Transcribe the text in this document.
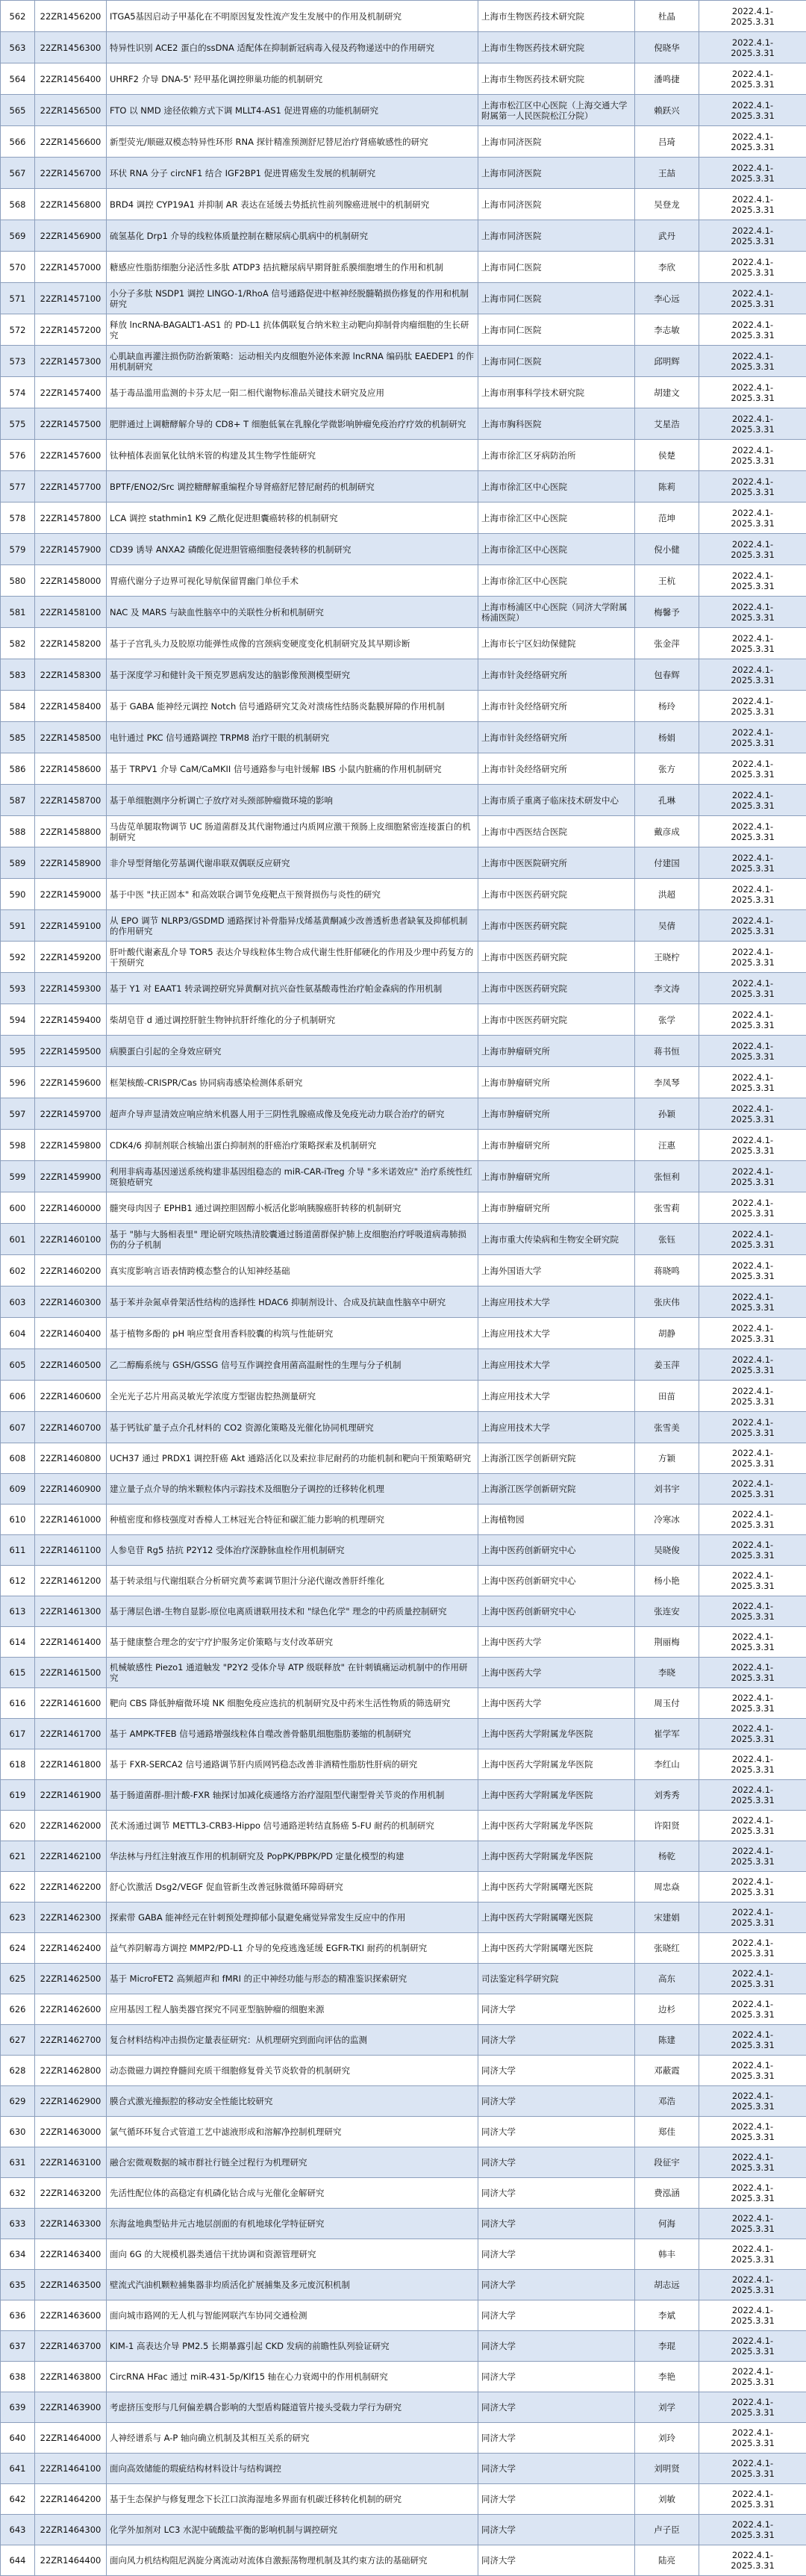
562	22ZR1456200	ITGA5基因启动子甲基化在不明原因复发性流产发生发展中的作用及机制研究	上海市生物医药技术研究院	杜晶	2022.4.1-
2025.3.31
563	22ZR1456300	特异性识别 ACE2 蛋白的ssDNA 适配体在抑制新冠病毒入侵及药物递送中的作用研究	上海市生物医药技术研究院	倪晓华	2022.4.1-
2025.3.31
564	22ZR1456400	UHRF2 介导 DNA-5' 羟甲基化调控卵巢功能的机制研究	上海市生物医药技术研究院	潘鸣捷	2022.4.1-
2025.3.31
565	22ZR1456500	FTO 以 NMD 途径依赖方式下调 MLLT4-AS1 促进胃癌的功能机制研究	上海市松江区中心医院（上海交通大学附属第一人民医院松江分院）	赖跃兴	2022.4.1-
2025.3.31
566	22ZR1456600	新型荧光/顺磁双模态特异性环形 RNA 探针精准预测舒尼替尼治疗肾癌敏感性的研究	上海市同济医院	吕琦	2022.4.1-
2025.3.31
567	22ZR1456700	环状 RNA 分子 circNF1 结合 IGF2BP1 促进胃癌发生发展的机制研究	上海市同济医院	王喆	2022.4.1-
2025.3.31
568	22ZR1456800	BRD4 调控 CYP19A1 并抑制 AR 表达在延缓去势抵抗性前列腺癌进展中的机制研究	上海市同济医院	吴登龙	2022.4.1-
2025.3.31
569	22ZR1456900	硫氢基化 Drp1 介导的线粒体质量控制在糖尿病心肌病中的机制研究	上海市同济医院	武丹	2022.4.1-
2025.3.31
570	22ZR1457000	糖感应性脂肪细胞分泌活性多肽 ATDP3 拮抗糖尿病早期肾脏系膜细胞增生的作用和机制	上海市同仁医院	李欣	2022.4.1-
2025.3.31
571	22ZR1457100	小分子多肽 NSDP1 调控 LINGO-1/RhoA 信号通路促进中枢神经脱髓鞘损伤修复的作用和机制研究	上海市同仁医院	李心远	2022.4.1-
2025.3.31
572	22ZR1457200	释放 lncRNA-BAGALT1-AS1 的 PD-L1 抗体偶联复合纳米粒主动靶向抑制骨肉瘤细胞的生长研究	上海市同仁医院	李志敏	2022.4.1-
2025.3.31
573	22ZR1457300	心肌缺血再灌注损伤防治新策略：运动相关内皮细胞外泌体来源 lncRNA 编码肽 EAEDEP1 的作用机制研究	上海市同仁医院	邱明辉	2022.4.1-
2025.3.31
574	22ZR1457400	基于毒品滥用监测的卡芬太尼一阳二相代谢物标准品关键技术研究及应用	上海市刑事科学技术研究院	胡建文	2022.4.1-
2025.3.31
575	22ZR1457500	肥胖通过上调糖酵解介导的 CD8+ T 细胞低氧在乳腺化学微影响肿瘤免疫治疗疗效的机制研究	上海市胸科医院	艾星浩	2022.4.1-
2025.3.31
576	22ZR1457600	钛种植体表面氧化钛纳米管的构建及其生物学性能研究	上海市徐汇区牙病防治所	侯楚	2022.4.1-
2025.3.31
577	22ZR1457700	BPTF/ENO2/Src 调控糖酵解重编程介导肾癌舒尼替尼耐药的机制研究	上海市徐汇区中心医院	陈莉	2022.4.1-
2025.3.31
578	22ZR1457800	LCA 调控 stathmin1 K9 乙酰化促进胆囊癌转移的机制研究	上海市徐汇区中心医院	范坤	2022.4.1-
2025.3.31
579	22ZR1457900	CD39 诱导 ANXA2 磷酸化促进胆管癌细胞侵袭转移的机制研究	上海市徐汇区中心医院	倪小健	2022.4.1-
2025.3.31
580	22ZR1458000	胃癌代谢分子边界可视化导航保留胃幽门单位手术	上海市徐汇区中心医院	王杭	2022.4.1-
2025.3.31
581	22ZR1458100	NAC 及 MARS 与缺血性脑卒中的关联性分析和机制研究	上海市杨浦区中心医院（同济大学附属杨浦医院）	梅馨予	2022.4.1-
2025.3.31
582	22ZR1458200	基于子宫乳头力及胶原功能弹性成像的宫颈病变硬度变化机制研究及其早期诊断	上海市长宁区妇幼保健院	张金萍	2022.4.1-
2025.3.31
583	22ZR1458300	基于深度学习和健针灸干预克罗恩病发达的脑影像预测模型研究	上海市针灸经络研究所	包春辉	2022.4.1-
2025.3.31
584	22ZR1458400	基于 GABA 能神经元调控 Notch 信号通路研究艾灸对溃疡性结肠炎黏膜屏障的作用机制	上海市针灸经络研究所	杨玲	2022.4.1-
2025.3.31
585	22ZR1458500	电针通过 PKC 信号通路调控 TRPM8 治疗干眼的机制研究	上海市针灸经络研究所	杨娟	2022.4.1-
2025.3.31
586	22ZR1458600	基于 TRPV1 介导 CaM/CaMKII 信号通路参与电针缓解 IBS 小鼠内脏痛的作用机制研究	上海市针灸经络研究所	张方	2022.4.1-
2025.3.31
587	22ZR1458700	基于单细胞测序分析调亡子放疗对头颈部肿瘤微环境的影响	上海市质子重离子临床技术研发中心	孔琳	2022.4.1-
2025.3.31
588	22ZR1458800	马齿苋单腿取物调节 UC 肠道菌群及其代谢物通过内质网应激干预肠上皮细胞紧密连接蛋白的机制研究	上海市中西医结合医院	戴彦成	2022.4.1-
2025.3.31
589	22ZR1458900	非介导型肾缩化劳基调代谢串联双偶联反应研究	上海市中医医院研究所	付建国	2022.4.1-
2025.3.31
590	22ZR1459000	基于中医 "扶正固本" 和高效联合调节免疫靶点干预肾损伤与炎性的研究	上海市中医医药研究院	洪超	2022.4.1-
2025.3.31
591	22ZR1459100	从 EPO 调节 NLRP3/GSDMD 通路探讨补骨脂异戊烯基黄酮减少改善透析患者缺氧及抑郁机制的作用研究	上海市中医医药研究院	吴倩	2022.4.1-
2025.3.31
592	22ZR1459200	肝叶酸代谢紊乱介导 TOR5 表达介导线粒体生物合成代谢生性肝郁硬化的作用及少理中药复方的干预研究	上海市中医医药研究院	王晓柠	2022.4.1-
2025.3.31
593	22ZR1459300	基于 Y1 对 EAAT1 转录调控研究异黄酮对抗兴奋性氨基酸毒性治疗帕金森病的作用机制	上海市中医医药研究院	李文涛	2022.4.1-
2025.3.31
594	22ZR1459400	柴胡皂苷 d 通过调控肝脏生物钟抗肝纤维化的分子机制研究	上海市中医医药研究院	张学	2022.4.1-
2025.3.31
595	22ZR1459500	病膜蛋白引起的全身效应研究	上海市肿瘤研究所	蒋书恒	2022.4.1-
2025.3.31
596	22ZR1459600	框架核酸-CRISPR/Cas 协同病毒感染检测体系研究	上海市肿瘤研究所	李凤琴	2022.4.1-
2025.3.31
597	22ZR1459700	超声介导声显清效应响应纳米机器人用于三阴性乳腺癌成像及免疫光动力联合治疗的研究	上海市肿瘤研究所	孙颖	2022.4.1-
2025.3.31
598	22ZR1459800	CDK4/6 抑制剂联合核输出蛋白抑制剂的肝癌治疗策略探索及机制研究	上海市肿瘤研究所	汪惠	2022.4.1-
2025.3.31
599	22ZR1459900	利用非病毒基因递送系统构建非基因组稳态的 miR-CAR-iTreg 介导 "多米诺效应" 治疗系统性红斑狼疮研究	上海市肿瘤研究所	张恒利	2022.4.1-
2025.3.31
600	22ZR1460000	髓突母肉因子 EPHB1 通过调控胆固醇小板活化影响胰腺癌肝转移的机制研究	上海市肿瘤研究所	张雪莉	2022.4.1-
2025.3.31
601	22ZR1460100	基于 "肺与大肠相表里" 理论研究咳热清胶囊通过肠道菌群保护肺上皮细胞治疗呼吸道病毒肺损伤的分子机制	上海市重大传染病和生物安全研究院	张钰	2022.4.1-
2025.3.31
602	22ZR1460200	真实度影响言语表情跨模态整合的认知神经基础	上海外国语大学	蒋晓鸣	2022.4.1-
2025.3.31
603	22ZR1460300	基于苯并杂氮卓骨架活性结构的选择性 HDAC6 抑制剂设计、合成及抗缺血性脑卒中研究	上海应用技术大学	张庆伟	2022.4.1-
2025.3.31
604	22ZR1460400	基于植物多酚的 pH 响应型食用香料胶囊的构筑与性能研究	上海应用技术大学	胡静	2022.4.1-
2025.3.31
605	22ZR1460500	乙二醇酶系统与 GSH/GSSG 信号互作调控食用菌高温耐性的生理与分子机制	上海应用技术大学	姜玉萍	2022.4.1-
2025.3.31
606	22ZR1460600	全光光子芯片用高灵敏光学浓度方型锯齿腔热测量研究	上海应用技术大学	田苗	2022.4.1-
2025.3.31
607	22ZR1460700	基于钙钛矿量子点介孔材料的 CO2 资源化策略及光催化协同机理研究	上海应用技术大学	张雪美	2022.4.1-
2025.3.31
608	22ZR1460800	UCH37 通过 PRDX1 调控肝癌 Akt 通路活化以及索拉非尼耐药的功能机制和靶向干预策略研究	上海浙江医学创新研究院	方颖	2022.4.1-
2025.3.31
609	22ZR1460900	建立量子点介导的纳米颗粒体内示踪技术及细胞分子调控的迁移转化机理	上海浙江医学创新研究院	刘书宇	2022.4.1-
2025.3.31
610	22ZR1461000	种植密度和修枝强度对香樟人工林冠光合特征和碳汇能力影响的机理研究	上海植物园	冷寒冰	2022.4.1-
2025.3.31
611	22ZR1461100	人参皂苷 Rg5 拮抗 P2Y12 受体治疗深静脉血栓作用机制研究	上海中医药创新研究中心	吴晓俊	2022.4.1-
2025.3.31
612	22ZR1461200	基于转录组与代谢组联合分析研究黄芩素调节胆汁分泌代谢改善肝纤维化	上海中医药创新研究中心	杨小艳	2022.4.1-
2025.3.31
613	22ZR1461300	基于薄层色谱-生物自显影-原位电离质谱联用技术和 "绿色化学" 理念的中药质量控制研究	上海中医药创新研究中心	张连安	2022.4.1-
2025.3.31
614	22ZR1461400	基于健康整合理念的安宁疗护服务定价策略与支付改革研究	上海中医药大学	荆丽梅	2022.4.1-
2025.3.31
615	22ZR1461500	机械敏感性 Piezo1 通道触发 "P2Y2 受体介导 ATP 级联释放" 在针刺镇痛运动机制中的作用研究	上海中医药大学	李晓	2022.4.1-
2025.3.31
616	22ZR1461600	靶向 CBS 降低肿瘤微环境 NK 细胞免疫应选抗的机制研究及中药米生活性物质的筛选研究	上海中医药大学	周玉付	2022.4.1-
2025.3.31
617	22ZR1461700	基于 AMPK-TFEB 信号通路增强线粒体自噬改善骨骼肌细胞脂肪萎缩的机制研究	上海中医药大学附属龙华医院	崔学军	2022.4.1-
2025.3.31
618	22ZR1461800	基于 FXR-SERCA2 信号通路调节肝内质网钙稳态改善非酒精性脂肪性肝病的研究	上海中医药大学附属龙华医院	李红山	2022.4.1-
2025.3.31
619	22ZR1461900	基于肠道菌群-胆汁酸-FXR 轴探讨加减化痰通络方治疗湿阻型代谢型骨关节炎的作用机制	上海中医药大学附属龙华医院	刘秀秀	2022.4.1-
2025.3.31
620	22ZR1462000	芪术汤通过调节 METTL3-CRB3-Hippo 信号通路逆转结直肠癌 5-FU 耐药的机制研究	上海中医药大学附属龙华医院	许阳贤	2022.4.1-
2025.3.31
621	22ZR1462100	华法林与丹红注射液互作用的机制研究及 PopPK/PBPK/PD 定量化模型的构建	上海中医药大学附属龙华医院	杨乾	2022.4.1-
2025.3.31
622	22ZR1462200	舒心饮激活 Dsg2/VEGF 促血管新生改善冠脉微循环障碍研究	上海中医药大学附属曙光医院	周忠焱	2022.4.1-
2025.3.31
623	22ZR1462300	探索带 GABA 能神经元在针刺预处理抑郁小鼠避免痛觉异常发生反应中的作用	上海中医药大学附属曙光医院	宋建娟	2022.4.1-
2025.3.31
624	22ZR1462400	益气养阴解毒方调控 MMP2/PD-L1 介导的免疫逃逸延缓 EGFR-TKI 耐药的机制研究	上海中医药大学附属曙光医院	张晓红	2022.4.1-
2025.3.31
625	22ZR1462500	基于 MicroFET2 高频超声和 fMRI 的正中神经功能与形态的精准鉴识探索研究	司法鉴定科学研究院	高东	2022.4.1-
2025.3.31
626	22ZR1462600	应用基因工程人脑类器官探究不同亚型脑肿瘤的细胞来源	同济大学	边杉	2022.4.1-
2025.3.31
627	22ZR1462700	复合材料结构冲击损伤定量表征研究：从机理研究到面向评估的监测	同济大学	陈建	2022.4.1-
2025.3.31
628	22ZR1462800	动态微磁力调控脊髓间充质干细胞修复骨关节炎软骨的机制研究	同济大学	邓蔽霞	2022.4.1-
2025.3.31
629	22ZR1462900	膜合式激光撞振腔的移动安全性能比较研究	同济大学	邓浩	2022.4.1-
2025.3.31
630	22ZR1463000	氯气循环环复合式管道工艺中滤液形成和溶解净控制机理研究	同济大学	郑佳	2022.4.1-
2025.3.31
631	22ZR1463100	融合宏微观数据的城市群社行链全过程行为机理研究	同济大学	段征宇	2022.4.1-
2025.3.31
632	22ZR1463200	先活性配位体的高稳定有机磷化钴合成与光催化金解研究	同济大学	费泓涵	2022.4.1-
2025.3.31
633	22ZR1463300	东海盆地典型钻井元古地层剖面的有机地球化学特征研究	同济大学	何海	2022.4.1-
2025.3.31
634	22ZR1463400	面向 6G 的大规模机器类通信干扰协调和资源管理研究	同济大学	韩丰	2022.4.1-
2025.3.31
635	22ZR1463500	壁流式汽油机颗粒捕集器非均质活化扩展捕集及多元废沉积机制	同济大学	胡志远	2022.4.1-
2025.3.31
636	22ZR1463600	面向城市路网的无人机与智能网联汽车协同交通检测	同济大学	李斌	2022.4.1-
2025.3.31
637	22ZR1463700	KIM-1 高表达介导 PM2.5 长期暴露引起 CKD 发病的前瞻性队列验证研究	同济大学	李琨	2022.4.1-
2025.3.31
638	22ZR1463800	CircRNA HFac 通过 miR-431-5p/Klf15 轴在心力衰竭中的作用机制研究	同济大学	李艳	2022.4.1-
2025.3.31
639	22ZR1463900	考虑挤压变形与几何偏差耦合影响的大型盾构隧道管片接头受载力学行为研究	同济大学	刘学	2022.4.1-
2025.3.31
640	22ZR1464000	人神经谱系与 A-P 轴向确立机制及其相互关系的研究	同济大学	刘玲	2022.4.1-
2025.3.31
641	22ZR1464100	面向高效储能的瑕疵结构材料设计与结构调控	同济大学	刘明贤	2022.4.1-
2025.3.31
642	22ZR1464200	基于生态保护与修复理念下长江口滨海湿地多界面有机碳迁移转化机制的研究	同济大学	刘敏	2022.4.1-
2025.3.31
643	22ZR1464300	化学外加剂对 LC3 水泥中硫酸盐平衡的影响机制与调控研究	同济大学	卢子臣	2022.4.1-
2025.3.31
644	22ZR1464400	面向风力机结构阻尼涡旋分离流动对流体自激振荡物理机制及其约束方法的基础研究	同济大学	陆亮	2022.4.1-
2025.3.31
